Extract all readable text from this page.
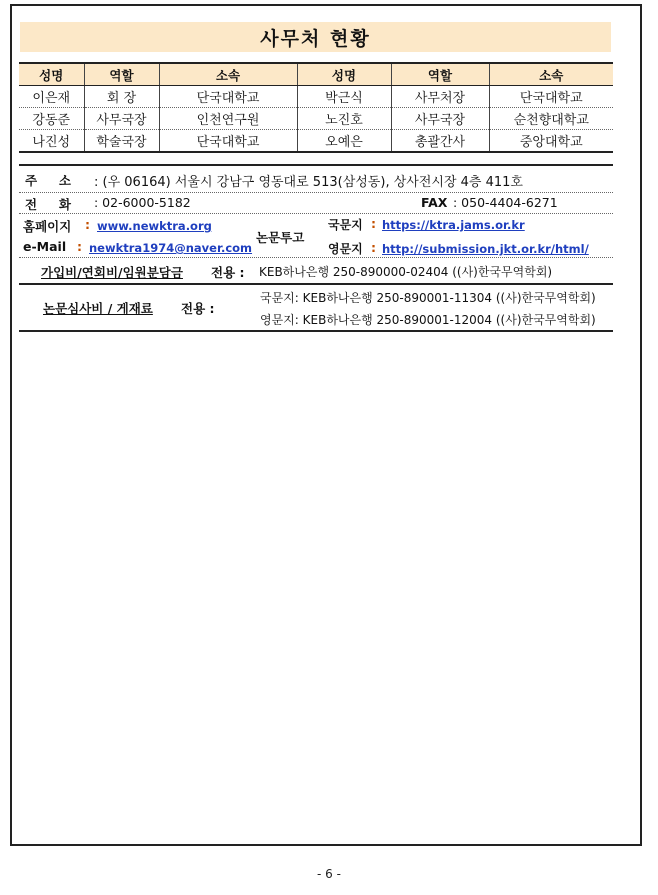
사무처 현황
성명	역할	소속	성명	역할	소속
이은재	회 장	단국대학교	박근식	사무처장	단국대학교
강동준	사무국장	인천연구원	노진호	사무국장	순천향대학교
나진성	학술국장	단국대학교	오예은	총괄간사	중앙대학교
주     소 : (우 06164) 서울시 강남구 영동대로 513(삼성동), 상사전시장 4층 411호
전     화 : 02-6000-5182	FAX : 050-4404-6271
홈페이지 : www.newktra.org
e-Mail : newktra1974@naver.com
논문투고
국문지 : https://ktra.jams.or.kr
영문지 : http://submission.jkt.or.kr/html/
가입비/연회비/임원분담금 전용 : KEB하나은행 250-890000-02404 ((사)한국무역학회)
논문심사비 / 게재료 전용 :
국문지: KEB하나은행 250-890001-11304 ((사)한국무역학회)
영문지: KEB하나은행 250-890001-12004 ((사)한국무역학회)
- 6 -
